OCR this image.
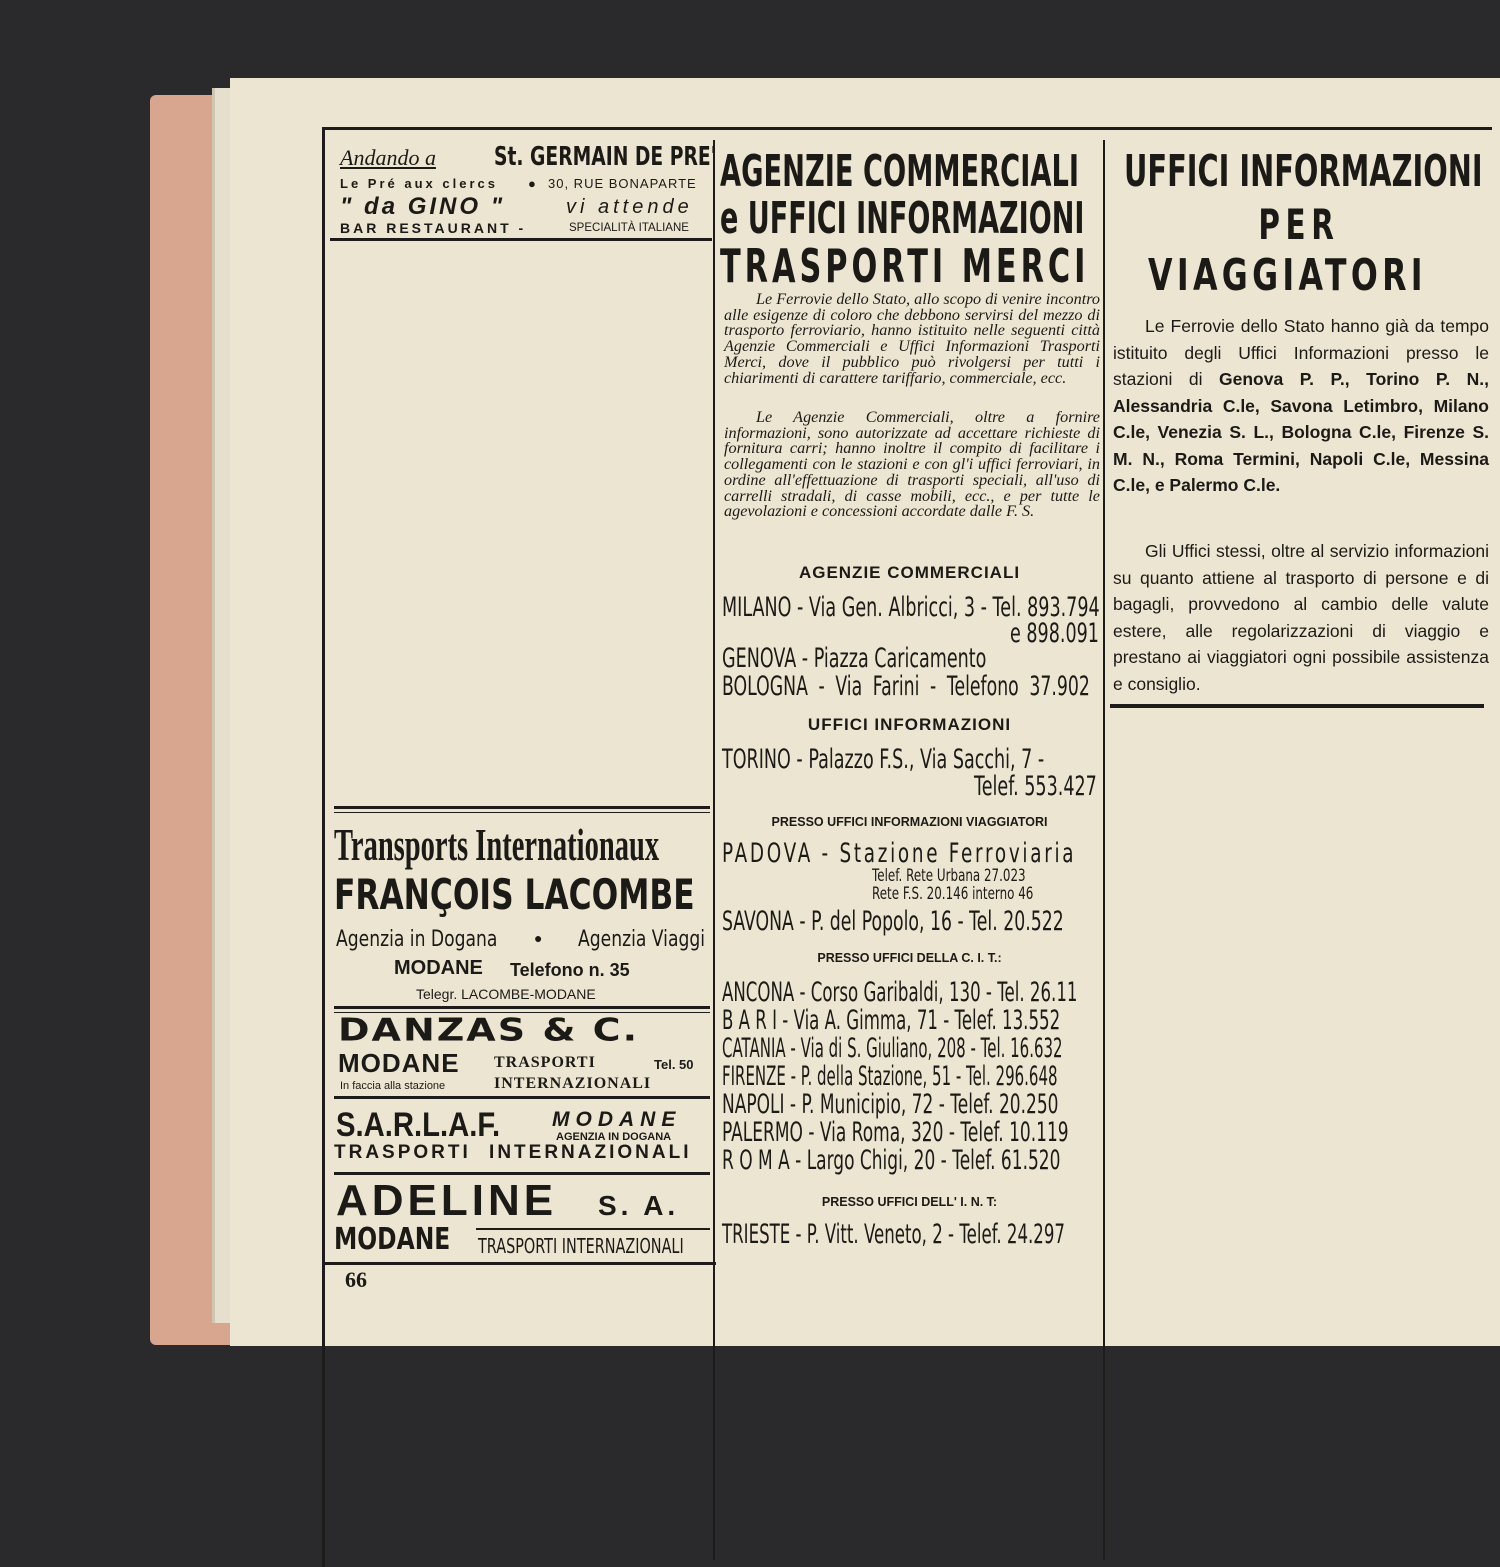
Andando a St. GERMAIN DE PRE'
Le Pré aux clercs ● 30, RUE BONAPARTE
" da GINO "	vi attende
BAR RESTAURANT -	SPECIALITÀ ITALIANE
Transports Internationaux
FRANÇOIS LACOMBE
Agenzia in Dogana	● Agenzia Viaggi
MODANE Telefono n. 35
Telegr. LACOMBE-MODANE
DANZAS & C.
MODANE
In faccia alla stazione
TRASPORTI	Tel. 50
INTERNAZIONALI
S.A.R.L.A.F. MODANE
AGENZIA IN DOGANA
TRASPORTI INTERNAZIONALI
ADELINE S. A.
MODANE TRASPORTI INTERNAZIONALI
66
AGENZIE COMMERCIALI
e UFFICI INFORMAZIONI
TRASPORTI MERCI
Le Ferrovie dello Stato, allo scopo di venire incontro alle esigenze di coloro che debbono servirsi del mezzo di trasporto ferroviario, hanno istituito nelle seguenti città Agenzie Commerciali e Uffici Informazioni Trasporti Merci, dove il pubblico può rivolgersi per tutti i chiarimenti di carattere tariffario, commerciale, ecc.
Le Agenzie Commerciali, oltre a fornire informazioni, sono autorizzate ad accettare richieste di fornitura carri; hanno inoltre il compito di facilitare i collegamenti con le stazioni e con gl'i uffici ferroviari, in ordine all'effettuazione di trasporti speciali, all'uso di carrelli stradali, di casse mobili, ecc., e per tutte le agevolazioni e concessioni accordate dalle F. S.
AGENZIE COMMERCIALI
MILANO - Via Gen. Albricci, 3 - Tel. 893.794
e 898.091
GENOVA - Piazza Caricamento
BOLOGNA - Via Farini - Telefono 37.902
UFFICI INFORMAZIONI
TORINO - Palazzo F.S., Via Sacchi, 7 -
Telef. 553.427
PRESSO UFFICI INFORMAZIONI VIAGGIATORI
PADOVA - Stazione Ferroviaria
Telef. Rete Urbana 27.023
Rete F.S. 20.146 interno 46
SAVONA - P. del Popolo, 16 - Tel. 20.522
PRESSO UFFICI DELLA C. I. T.:
ANCONA - Corso Garibaldi, 130 - Tel. 26.11
B A R I - Via A. Gimma, 71 - Telef. 13.552
CATANIA - Via di S. Giuliano, 208 - Tel. 16.632
FIRENZE - P. della Stazione, 51 - Tel. 296.648
NAPOLI - P. Municipio, 72 - Telef. 20.250
PALERMO - Via Roma, 320 - Telef. 10.119
R O M A - Largo Chigi, 20 - Telef. 61.520
PRESSO UFFICI DELL' I. N. T:
TRIESTE - P. Vitt. Veneto, 2 - Telef. 24.297
UFFICI INFORMAZIONI
PER
VIAGGIATORI
Le Ferrovie dello Stato hanno già da tempo istituito degli Uffici Informazioni presso le stazioni di Genova P. P., Torino P. N., Alessandria C.le, Savona Letimbro, Milano C.le, Venezia S. L., Bologna C.le, Firenze S. M. N., Roma Termini, Napoli C.le, Messina C.le, e Palermo C.le.
Gli Uffici stessi, oltre al servizio informazioni su quanto attiene al trasporto di persone e di bagagli, provvedono al cambio delle valute estere, alle regolarizzazioni di viaggio e prestano ai viaggiatori ogni possibile assistenza e consiglio.
